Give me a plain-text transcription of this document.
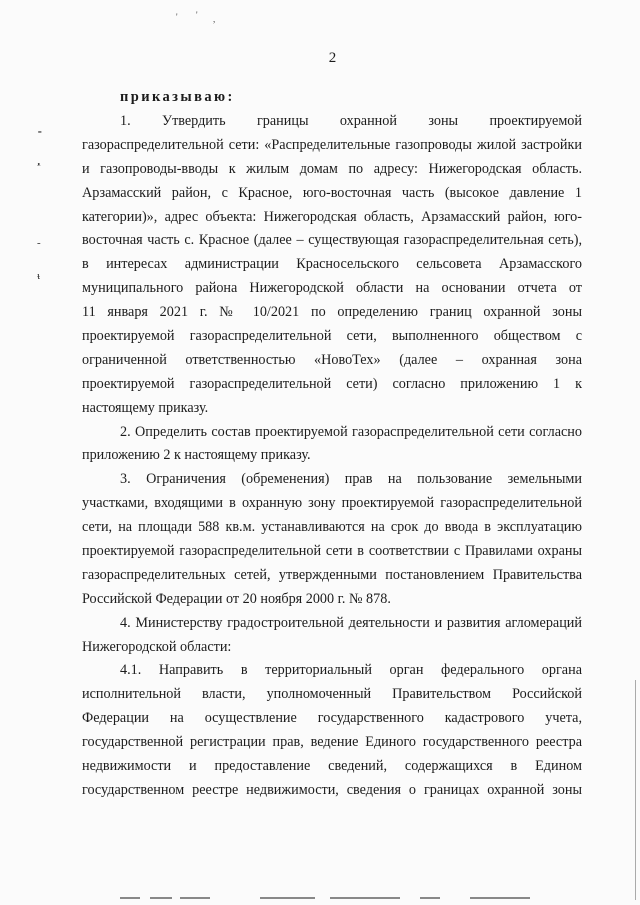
' ' ,
⁃
ᵜ
-
ᵼ
2
приказываю:
1. Утвердить границы охранной зоны проектируемой
газораспределительной сети: «Распределительные газопроводы жилой застройки
и газопроводы-вводы к жилым домам по адресу: Нижегородская область.
Арзамасский район, с Красное, юго-восточная часть (высокое давление 1
категории)», адрес объекта: Нижегородская область, Арзамасский район, юго-
восточная часть с. Красное (далее – существующая газораспределительная сеть),
в интересах администрации Красносельского сельсовета Арзамасского
муниципального района Нижегородской области на основании отчета от
11 января 2021 г. № 10/2021 по определению границ охранной зоны
проектируемой газораспределительной сети, выполненного обществом с
ограниченной ответственностью «НовоТех» (далее – охранная зона
проектируемой газораспределительной сети) согласно приложению 1 к
настоящему приказу.
2. Определить состав проектируемой газораспределительной сети согласно
приложению 2 к настоящему приказу.
3. Ограничения (обременения) прав на пользование земельными
участками, входящими в охранную зону проектируемой газораспределительной
сети, на площади 588 кв.м. устанавливаются на срок до ввода в эксплуатацию
проектируемой газораспределительной сети в соответствии с Правилами охраны
газораспределительных сетей, утвержденными постановлением Правительства
Российской Федерации от 20 ноября 2000 г. № 878.
4. Министерству градостроительной деятельности и развития агломераций
Нижегородской области:
4.1. Направить в территориальный орган федерального органа
исполнительной власти, уполномоченный Правительством Российской
Федерации на осуществление государственного кадастрового учета,
государственной регистрации прав, ведение Единого государственного реестра
недвижимости и предоставление сведений, содержащихся в Едином
государственном реестре недвижимости, сведения о границах охранной зоны
